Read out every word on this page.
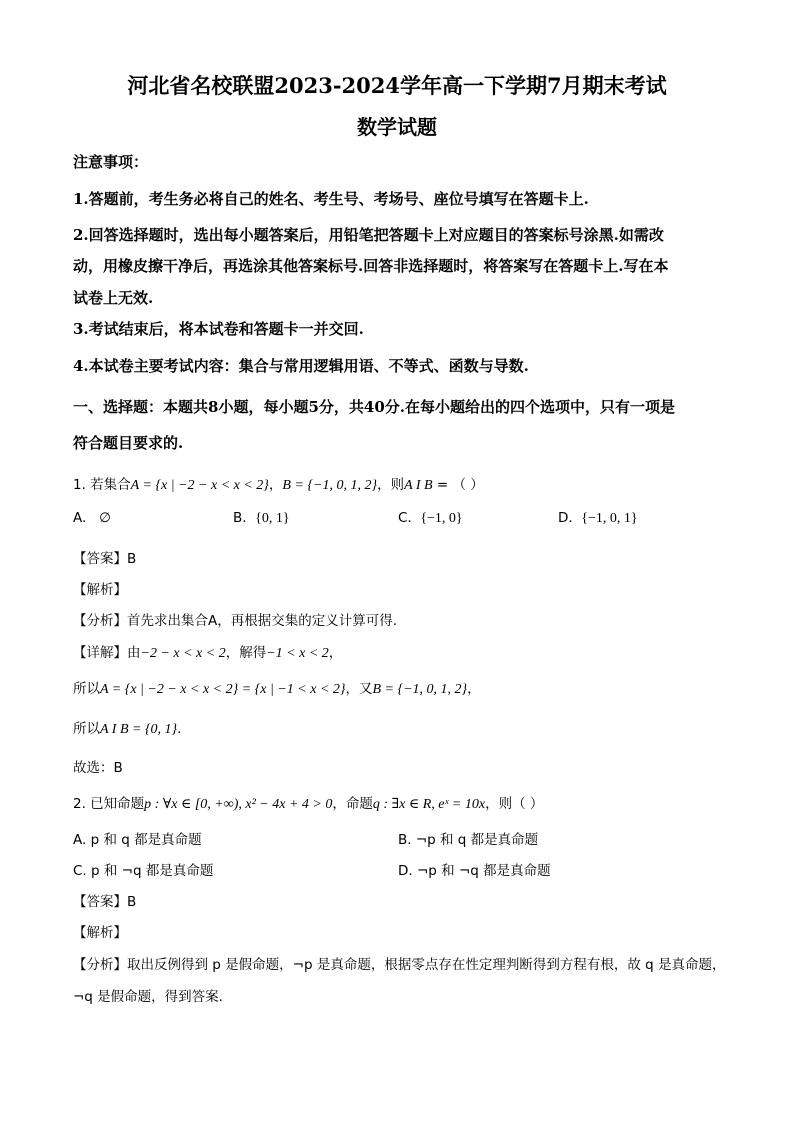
河北省名校联盟2023-2024学年高一下学期7月期末考试
数学试题
注意事项：
1.答题前，考生务必将自己的姓名、考生号、考场号、座位号填写在答题卡上.
2.回答选择题时，选出每小题答案后，用铅笔把答题卡上对应题目的答案标号涂黑.如需改
动，用橡皮擦干净后，再选涂其他答案标号.回答非选择题时，将答案写在答题卡上.写在本
试卷上无效.
3.考试结束后，将本试卷和答题卡一并交回.
4.本试卷主要考试内容：集合与常用逻辑用语、不等式、函数与导数.
一、选择题：本题共8小题，每小题5分，共40分.在每小题给出的四个选项中，只有一项是
符合题目要求的.
1. 若集合A = {x | −2 − x < x < 2}，B = {−1, 0, 1, 2}，则A I B = （ ）
A. ∅	B. {0, 1}	C. {−1, 0}	D. {−1, 0, 1}
【答案】B
【解析】
【分析】首先求出集合A，再根据交集的定义计算可得.
【详解】由−2 − x < x < 2，解得−1 < x < 2，
所以A = {x | −2 − x < x < 2} = {x | −1 < x < 2}，又B = {−1, 0, 1, 2}，
所以A I B = {0, 1}.
故选：B
2. 已知命题p : ∀x ∈ [0, +∞), x² − 4x + 4 > 0，命题q : ∃x ∈ R, eˣ = 10x，则（ ）
A. p 和 q 都是真命题	B. ¬p 和 q 都是真命题
C. p 和 ¬q 都是真命题	D. ¬p 和 ¬q 都是真命题
【答案】B
【解析】
【分析】取出反例得到 p 是假命题，¬p 是真命题，根据零点存在性定理判断得到方程有根，故 q 是真命题，
¬q 是假命题，得到答案.
